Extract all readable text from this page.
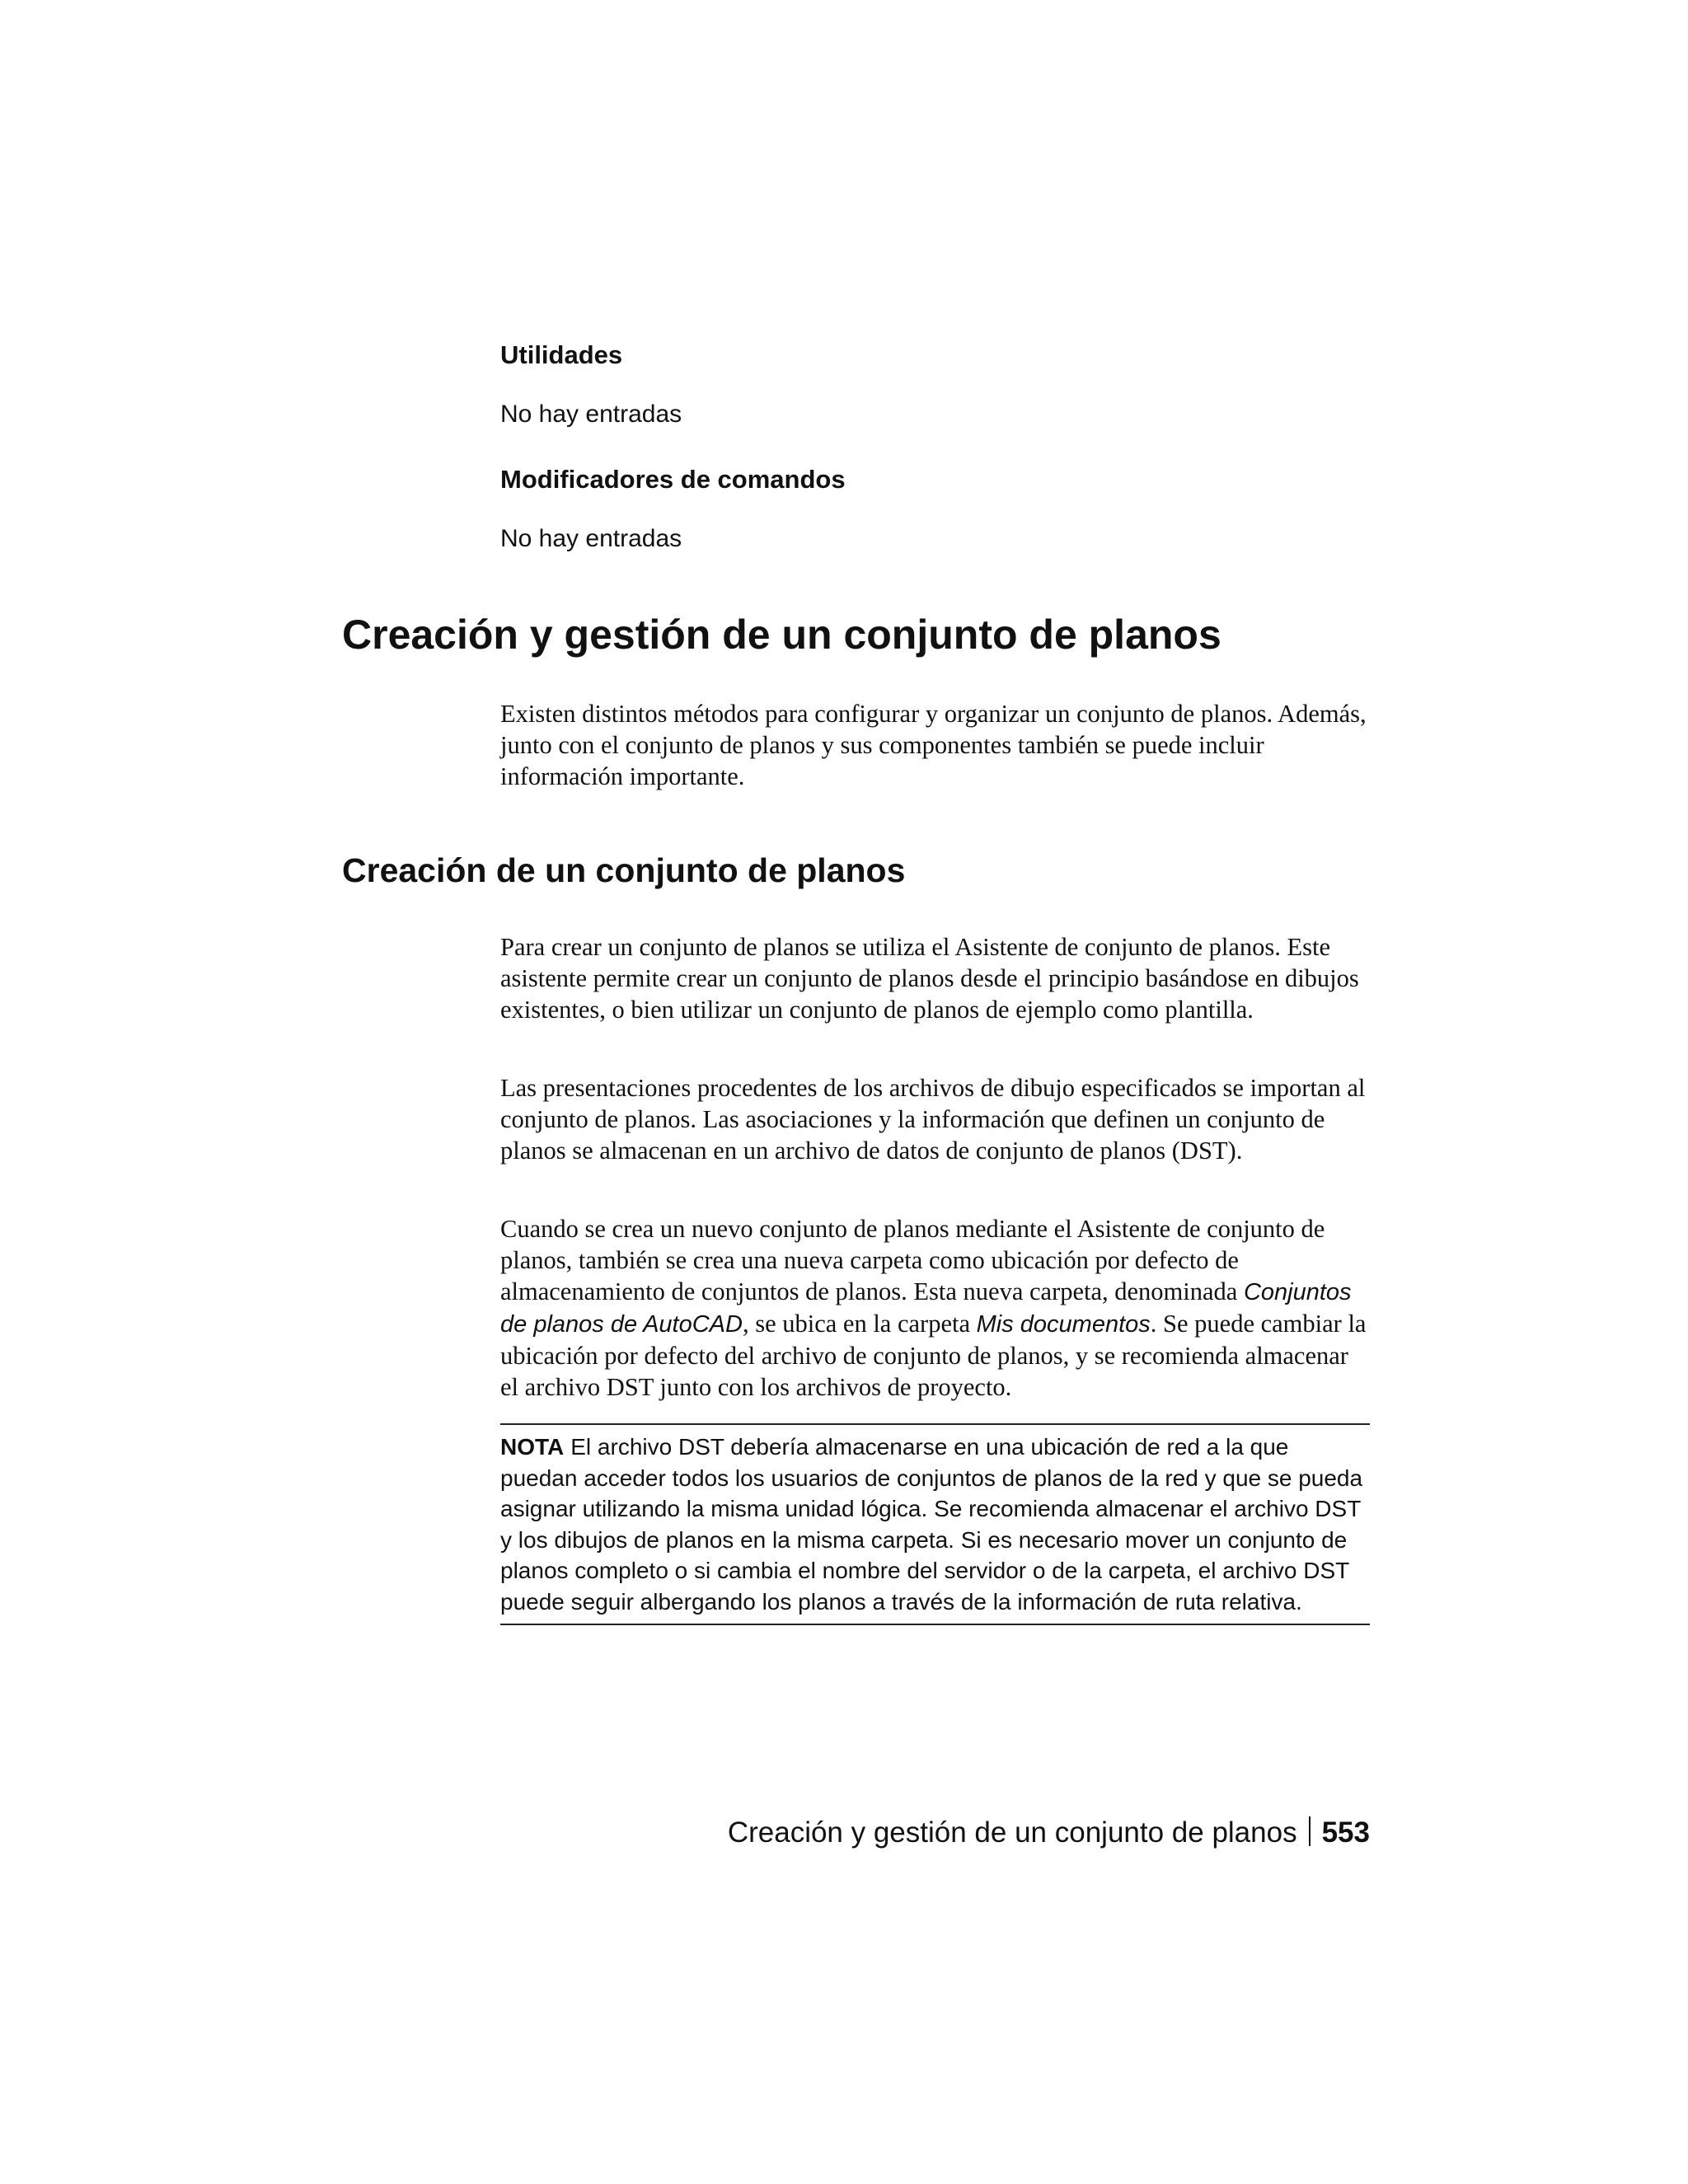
Utilidades

No hay entradas

Modificadores de comandos

No hay entradas

Creación y gestión de un conjunto de planos

Existen distintos métodos para configurar y organizar un conjunto de planos. Además, junto con el conjunto de planos y sus componentes también se puede incluir información importante.

Creación de un conjunto de planos

Para crear un conjunto de planos se utiliza el Asistente de conjunto de planos. Este asistente permite crear un conjunto de planos desde el principio basándose en dibujos existentes, o bien utilizar un conjunto de planos de ejemplo como plantilla.

Las presentaciones procedentes de los archivos de dibujo especificados se importan al conjunto de planos. Las asociaciones y la información que definen un conjunto de planos se almacenan en un archivo de datos de conjunto de planos (DST).

Cuando se crea un nuevo conjunto de planos mediante el Asistente de conjunto de planos, también se crea una nueva carpeta como ubicación por defecto de almacenamiento de conjuntos de planos. Esta nueva carpeta, denominada Conjuntos de planos de AutoCAD, se ubica en la carpeta Mis documentos. Se puede cambiar la ubicación por defecto del archivo de conjunto de planos, y se recomienda almacenar el archivo DST junto con los archivos de proyecto.

NOTA El archivo DST debería almacenarse en una ubicación de red a la que puedan acceder todos los usuarios de conjuntos de planos de la red y que se pueda asignar utilizando la misma unidad lógica. Se recomienda almacenar el archivo DST y los dibujos de planos en la misma carpeta. Si es necesario mover un conjunto de planos completo o si cambia el nombre del servidor o de la carpeta, el archivo DST puede seguir albergando los planos a través de la información de ruta relativa.
Creación y gestión de un conjunto de planos 553
